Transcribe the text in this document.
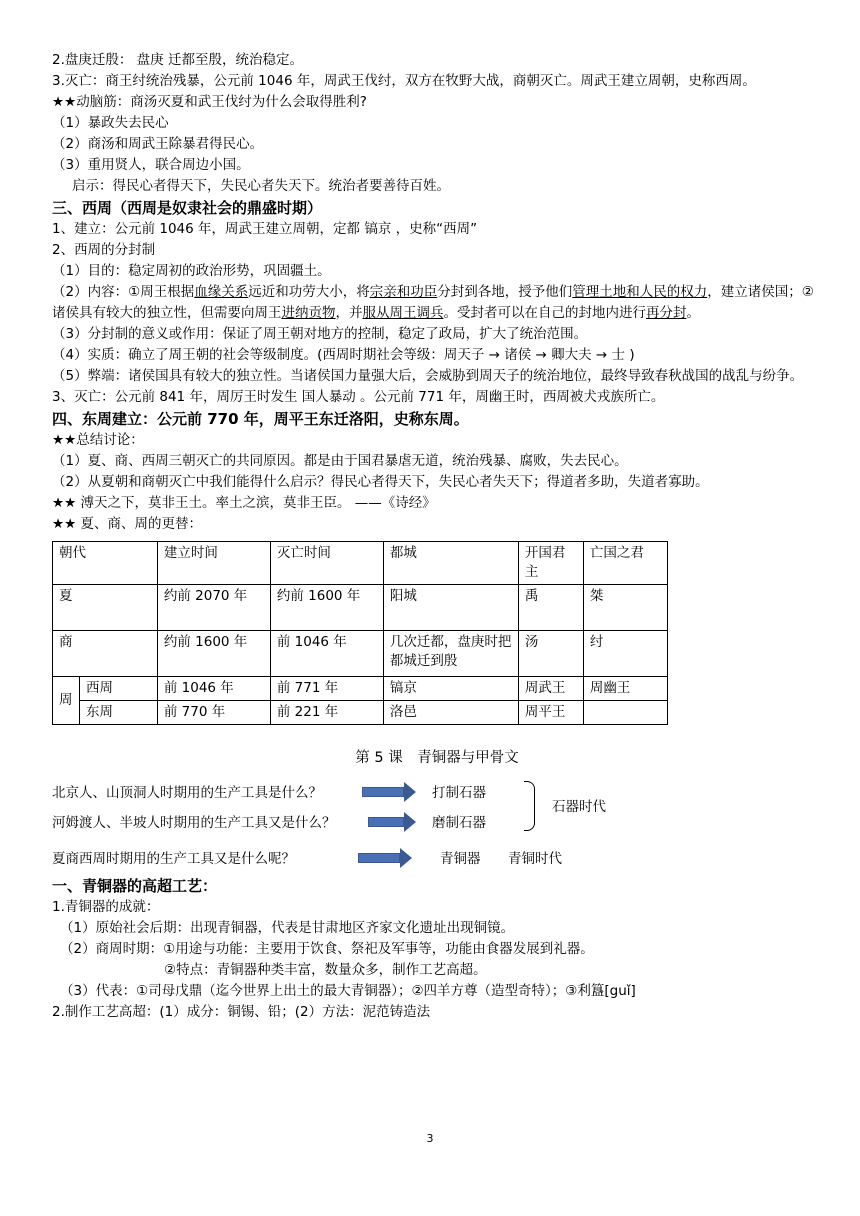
2.盘庚迁殷： 盘庚 迁都至殷，统治稳定。
3.灭亡：商王纣统治残暴，公元前 1046 年，周武王伐纣，双方在牧野大战，商朝灭亡。周武王建立周朝，史称西周。
★★动脑筋：商汤灭夏和武王伐纣为什么会取得胜利?
（1）暴政失去民心
（2）商汤和周武王除暴君得民心。
（3）重用贤人，联合周边小国。
启示：得民心者得天下，失民心者失天下。统治者要善待百姓。
三、西周（西周是奴隶社会的鼎盛时期）
1、建立：公元前 1046 年，周武王建立周朝，定都 镐京 ，史称“西周”
2、西周的分封制
（1）目的：稳定周初的政治形势，巩固疆土。
（2）内容：①周王根据血缘关系远近和功劳大小，将宗亲和功臣分封到各地，授予他们管理土地和人民的权力，建立诸侯国；②诸侯具有较大的独立性，但需要向周王进纳贡物，并服从周王调兵。受封者可以在自己的封地内进行再分封。
（3）分封制的意义或作用：保证了周王朝对地方的控制，稳定了政局，扩大了统治范围。
（4）实质：确立了周王朝的社会等级制度。(西周时期社会等级：周天子 → 诸侯 → 卿大夫 → 士 )
（5）弊端：诸侯国具有较大的独立性。当诸侯国力量强大后，会威胁到周天子的统治地位，最终导致春秋战国的战乱与纷争。
3、灭亡：公元前 841 年，周厉王时发生 国人暴动 。公元前 771 年，周幽王时，西周被犬戎族所亡。
四、东周建立：公元前 770 年，周平王东迁洛阳，史称东周。
★★总结讨论：
（1）夏、商、西周三朝灭亡的共同原因。都是由于国君暴虐无道，统治残暴、腐败，失去民心。
（2）从夏朝和商朝灭亡中我们能得什么启示？得民心者得天下，失民心者失天下；得道者多助，失道者寡助。
★★ 溥天之下，莫非王土。率土之滨，莫非王臣。 ——《诗经》
★★ 夏、商、周的更替：
朝代		建立时间	灭亡时间	都城	开国君主	亡国之君
夏		约前 2070 年	约前 1600 年	阳城	禹	桀
商		约前 1600 年	前 1046 年	几次迁都，盘庚时把都城迁到殷	汤	纣
周	西周	前 1046 年	前 771 年	镐京	周武王	周幽王
	东周	前 770 年	前 221 年	洛邑	周平王	
第 5 课　青铜器与甲骨文
北京人、山顶洞人时期用的生产工具是什么？	打制石器
河姆渡人、半坡人时期用的生产工具又是什么？	磨制石器
石器时代
夏商西周时期用的生产工具又是什么呢？	青铜器 青铜时代
一、青铜器的高超工艺：
1.青铜器的成就：
（1）原始社会后期：出现青铜器，代表是甘肃地区齐家文化遗址出现铜镜。
（2）商周时期：①用途与功能：主要用于饮食、祭祀及军事等，功能由食器发展到礼器。
②特点：青铜器种类丰富，数量众多，制作工艺高超。
（3）代表：①司母戊鼎（迄今世界上出土的最大青铜器）；②四羊方尊（造型奇特）；③利簋[guǐ]
2.制作工艺高超：(1）成分：铜锡、铅；(2）方法：泥范铸造法
3
